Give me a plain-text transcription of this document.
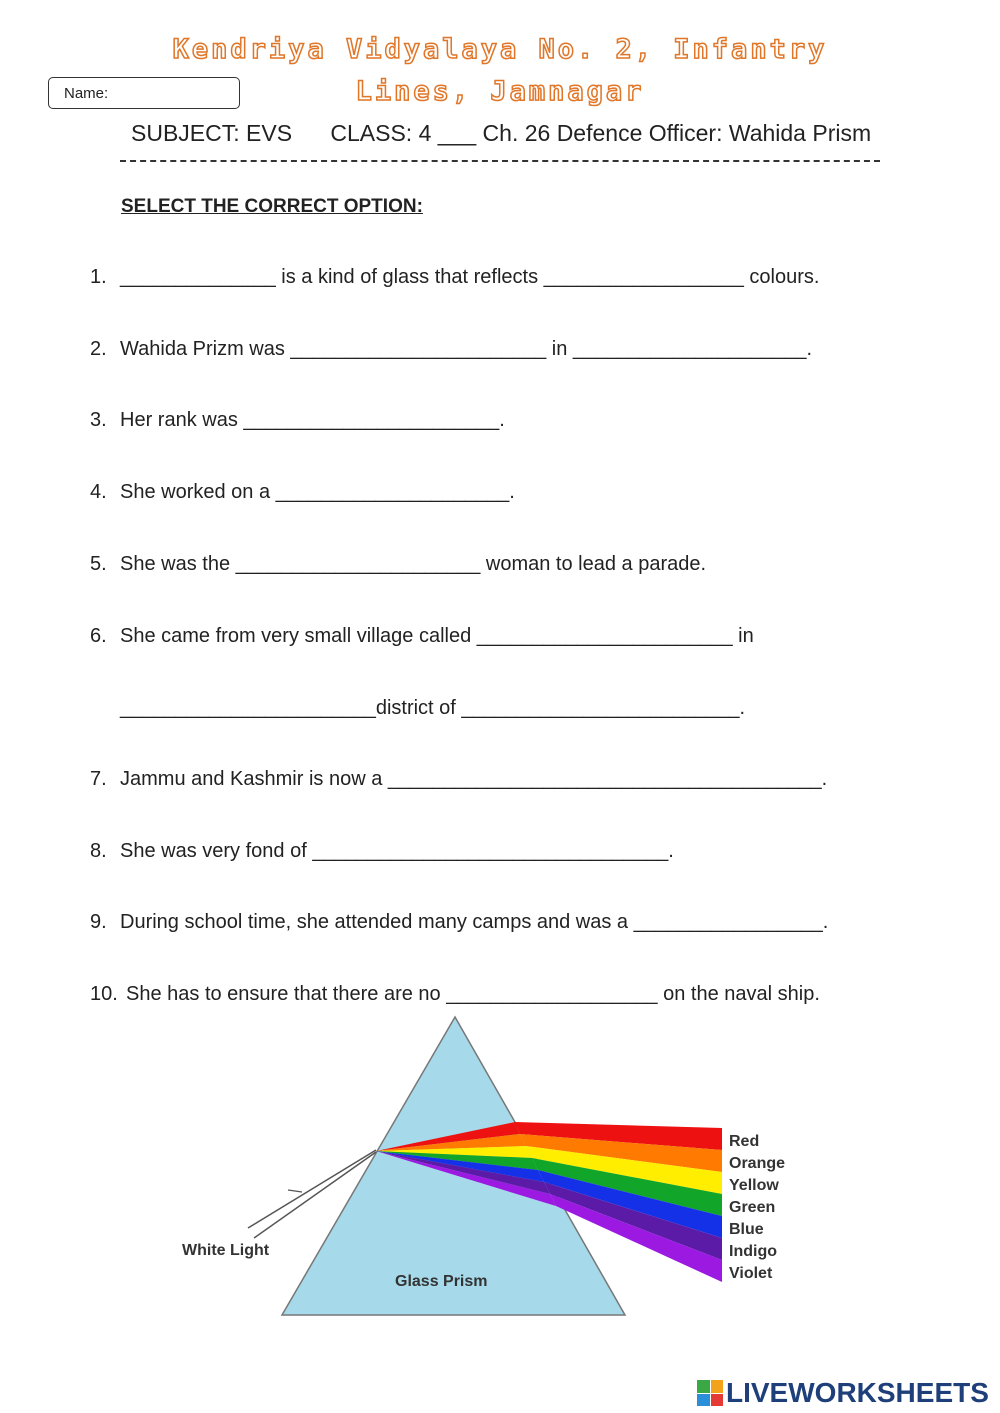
Kendriya Vidyalaya No. 2, Infantry
Lines, Jamnagar
Name:
SUBJECT: EVS      CLASS: 4 ___ Ch. 26 Defence Officer: Wahida Prism
SELECT THE CORRECT OPTION:
1. ______________ is a kind of glass that reflects __________________ colours.
2. Wahida Prizm was _______________________ in _____________________.
3. Her rank was _______________________.
4. She worked on a _____________________.
5. She was the ______________________ woman to lead a parade.
6. She came from very small village called _______________________ in
_______________________district of _________________________.
7. Jammu and Kashmir is now a _______________________________________.
8. She was very fond of ________________________________.
9. During school time, she attended many camps and was a _________________.
10. She has to ensure that there are no ___________________ on the naval ship.
Red
Orange
Yellow
Green
Blue
Indigo
Violet
White Light
Glass Prism
LIVEWORKSHEETS
